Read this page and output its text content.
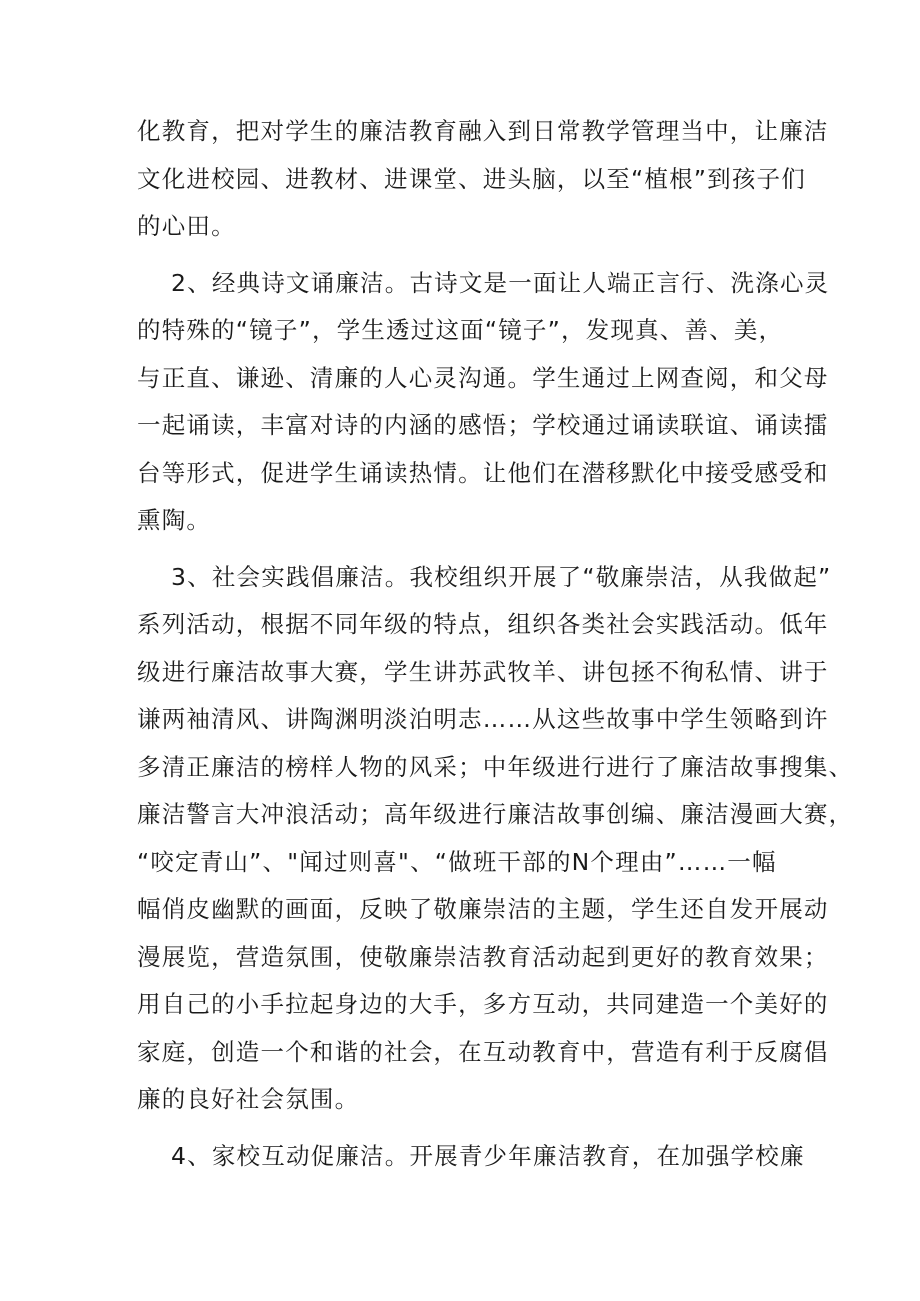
化教育，把对学生的廉洁教育融入到日常教学管理当中，让廉洁
文化进校园、进教材、进课堂、进头脑，以至“植根”到孩子们
的心田。
2、经典诗文诵廉洁。古诗文是一面让人端正言行、洗涤心灵
的特殊的“镜子”，学生透过这面“镜子”，发现真、善、美，
与正直、谦逊、清廉的人心灵沟通。学生通过上网查阅，和父母
一起诵读，丰富对诗的内涵的感悟；学校通过诵读联谊、诵读擂
台等形式，促进学生诵读热情。让他们在潜移默化中接受感受和
熏陶。
3、社会实践倡廉洁。我校组织开展了“敬廉崇洁，从我做起”
系列活动，根据不同年级的特点，组织各类社会实践活动。低年
级进行廉洁故事大赛，学生讲苏武牧羊、讲包拯不徇私情、讲于
谦两袖清风、讲陶渊明淡泊明志……从这些故事中学生领略到许
多清正廉洁的榜样人物的风采；中年级进行进行了廉洁故事搜集、
廉洁警言大冲浪活动；高年级进行廉洁故事创编、廉洁漫画大赛，
“咬定青山”、"闻过则喜"、“做班干部的N个理由”……一幅
幅俏皮幽默的画面，反映了敬廉崇洁的主题，学生还自发开展动
漫展览，营造氛围，使敬廉崇洁教育活动起到更好的教育效果；
用自己的小手拉起身边的大手，多方互动，共同建造一个美好的
家庭，创造一个和谐的社会，在互动教育中，营造有利于反腐倡
廉的良好社会氛围。
4、家校互动促廉洁。开展青少年廉洁教育，在加强学校廉
